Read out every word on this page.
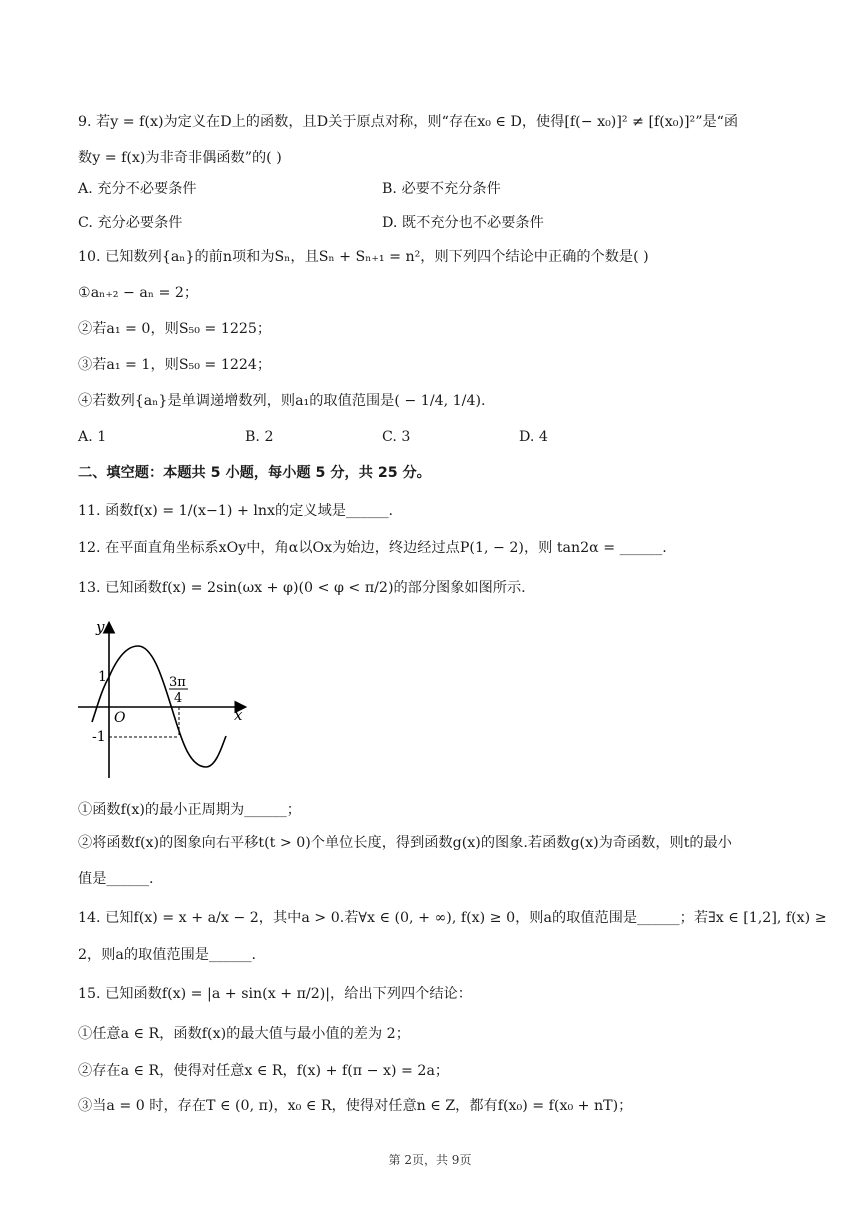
9. 若y = f(x)为定义在D上的函数，且D关于原点对称，则“存在x₀ ∈ D，使得[f(− x₀)]² ≠ [f(x₀)]²”是“函
数y = f(x)为非奇非偶函数”的( )
A. 充分不必要条件	B. 必要不充分条件
C. 充分必要条件	D. 既不充分也不必要条件
10. 已知数列{aₙ}的前n项和为Sₙ，且Sₙ + Sₙ₊₁ = n²，则下列四个结论中正确的个数是( )
①aₙ₊₂ − aₙ = 2；
②若a₁ = 0，则S₅₀ = 1225；
③若a₁ = 1，则S₅₀ = 1224；
④若数列{aₙ}是单调递增数列，则a₁的取值范围是( − 1/4, 1/4).
A. 1	B. 2	C. 3	D. 4
二、填空题：本题共 5 小题，每小题 5 分，共 25 分。
11. 函数f(x) = 1/(x−1) + lnx的定义域是______.
12. 在平面直角坐标系xOy中，角α以Ox为始边，终边经过点P(1, − 2)，则 tan2α = ______.
13. 已知函数f(x) = 2sin(ωx + φ)(0 < φ < π/2)的部分图象如图所示.
y
x
O
1
-1
3π
4
①函数f(x)的最小正周期为______；
②将函数f(x)的图象向右平移t(t > 0)个单位长度，得到函数g(x)的图象.若函数g(x)为奇函数，则t的最小
值是______.
14. 已知f(x) = x + a/x − 2，其中a > 0.若∀x ∈ (0, + ∞), f(x) ≥ 0，则a的取值范围是______；若∃x ∈ [1,2], f(x) ≥
2，则a的取值范围是______.
15. 已知函数f(x) = |a + sin(x + π/2)|，给出下列四个结论：
①任意a ∈ R，函数f(x)的最大值与最小值的差为 2；
②存在a ∈ R，使得对任意x ∈ R，f(x) + f(π − x) = 2a；
③当a = 0 时，存在T ∈ (0, π)，x₀ ∈ R，使得对任意n ∈ Z，都有f(x₀) = f(x₀ + nT)；
第 2页，共 9页
